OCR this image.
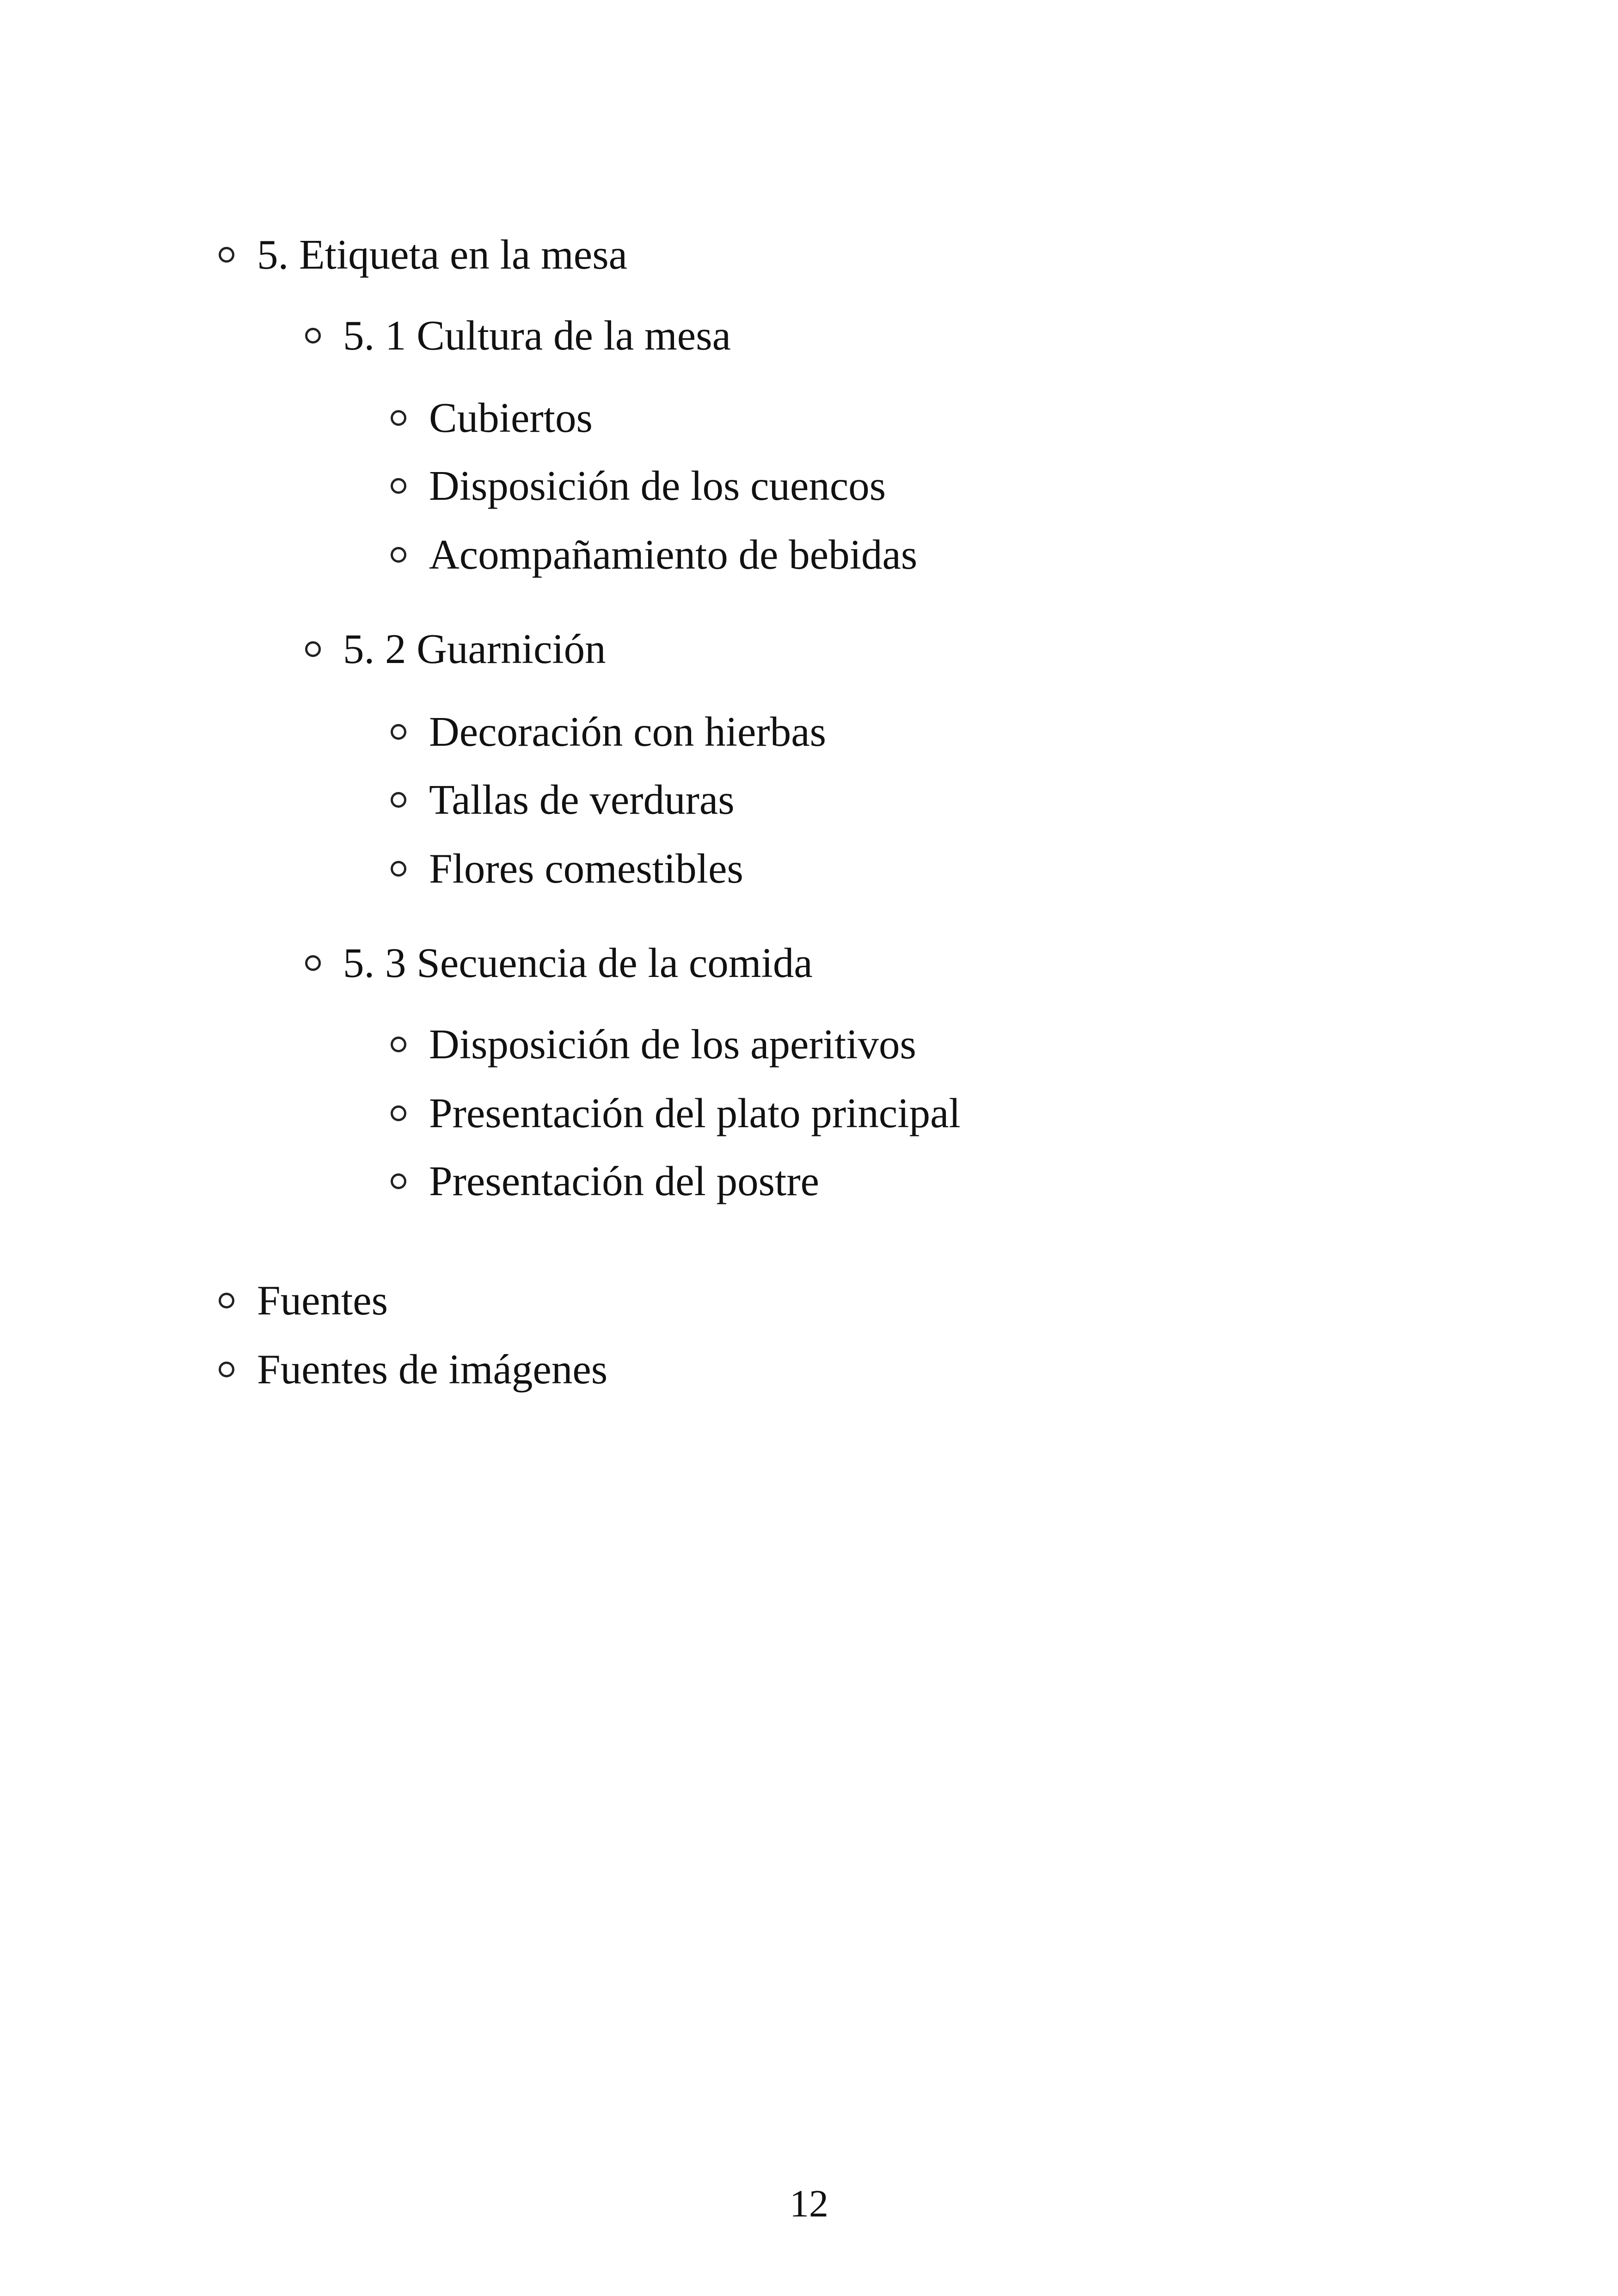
5. Etiqueta en la mesa
5. 1 Cultura de la mesa
Cubiertos
Disposición de los cuencos
Acompañamiento de bebidas
5. 2 Guarnición
Decoración con hierbas
Tallas de verduras
Flores comestibles
5. 3 Secuencia de la comida
Disposición de los aperitivos
Presentación del plato principal
Presentación del postre
Fuentes
Fuentes de imágenes
12
